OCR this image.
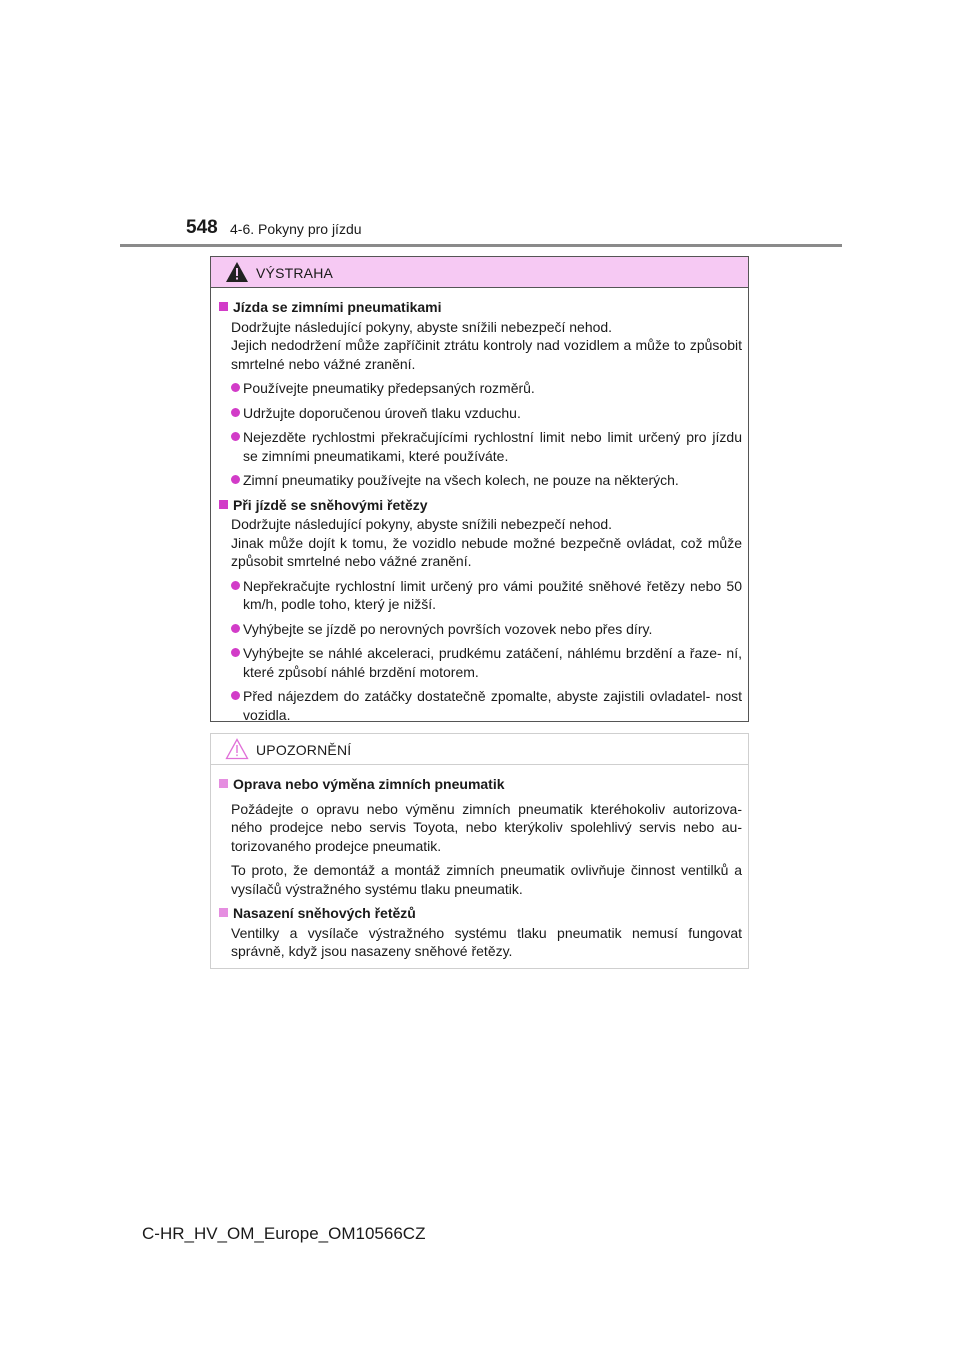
548 4-6. Pokyny pro jízdu
VÝSTRAHA
Jízda se zimními pneumatikami

Dodržujte následující pokyny, abyste snížili nebezpečí nehod.

Jejich nedodržení může zapříčinit ztrátu kontroly nad vozidlem a může to způsobit smrtelné nebo vážné zranění.

Používejte pneumatiky předepsaných rozměrů.
Udržujte doporučenou úroveň tlaku vzduchu.
Nejezděte rychlostmi překračujícími rychlostní limit nebo limit určený pro jízdu se zimními pneumatikami, které používáte.
Zimní pneumatiky používejte na všech kolech, ne pouze na některých.
Při jízdě se sněhovými řetězy

Dodržujte následující pokyny, abyste snížili nebezpečí nehod.

Jinak může dojít k tomu, že vozidlo nebude možné bezpečně ovládat, což může způsobit smrtelné nebo vážné zranění.

Nepřekračujte rychlostní limit určený pro vámi použité sněhové řetězy nebo 50 km/h, podle toho, který je nižší.
Vyhýbejte se jízdě po nerovných površích vozovek nebo přes díry.
Vyhýbejte se náhlé akceleraci, prudkému zatáčení, náhlému brzdění a řaze- ní, které způsobí náhlé brzdění motorem.
Před nájezdem do zatáčky dostatečně zpomalte, abyste zajistili ovladatel- nost vozidla.
UPOZORNĚNÍ
Oprava nebo výměna zimních pneumatik

Požádejte o opravu nebo výměnu zimních pneumatik kteréhokoliv autorizova- ného prodejce nebo servis Toyota, nebo kterýkoliv spolehlivý servis nebo au- torizovaného prodejce pneumatik.

To proto, že demontáž a montáž zimních pneumatik ovlivňuje činnost ventilků a vysílačů výstražného systému tlaku pneumatik.

Nasazení sněhových řetězů

Ventilky a vysílače výstražného systému tlaku pneumatik nemusí fungovat správně, když jsou nasazeny sněhové řetězy.

C-HR_HV_OM_Europe_OM10566CZ
